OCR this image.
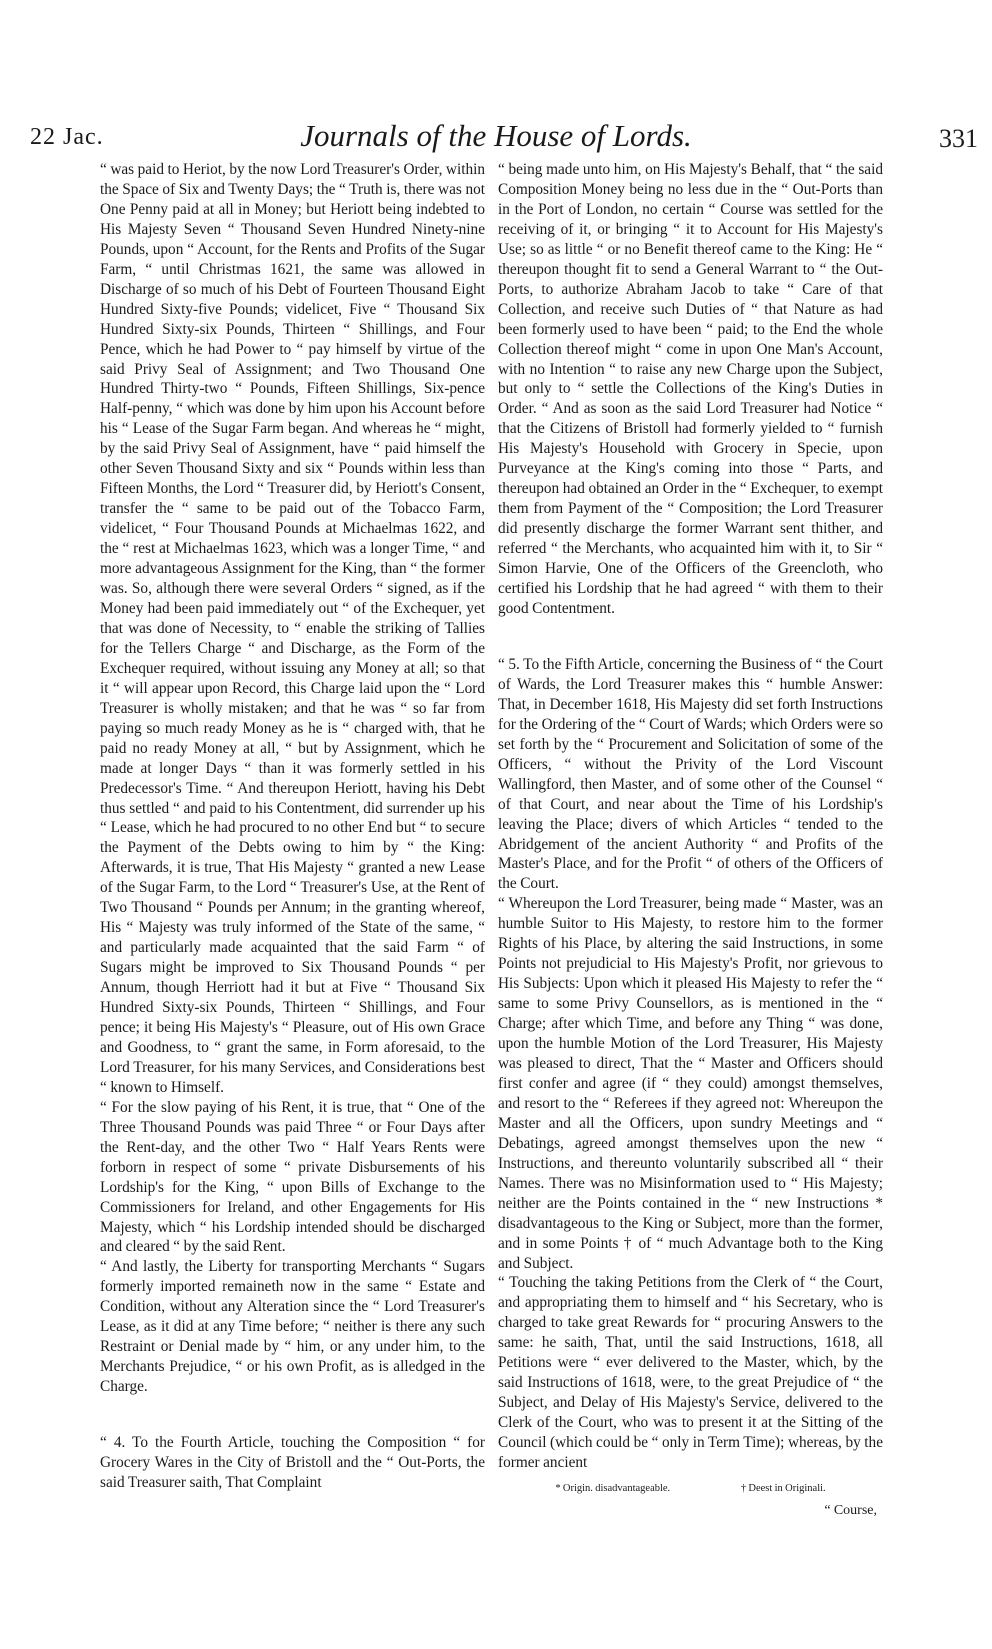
22 Jac.	Journals of the House of Lords.	331

“ was paid to Heriot, by the now Lord Treasurer's Order, within the Space of Six and Twenty Days; the “ Truth is, there was not One Penny paid at all in Money; but Heriott being indebted to His Majesty Seven “ Thousand Seven Hundred Ninety-nine Pounds, upon “ Account, for the Rents and Profits of the Sugar Farm, “ until Christmas 1621, the same was allowed in Discharge of so much of his Debt of Fourteen Thousand Eight Hundred Sixty-five Pounds; videlicet, Five “ Thousand Six Hundred Sixty-six Pounds, Thirteen “ Shillings, and Four Pence, which he had Power to “ pay himself by virtue of the said Privy Seal of Assignment; and Two Thousand One Hundred Thirty-two “ Pounds, Fifteen Shillings, Six-pence Half-penny, “ which was done by him upon his Account before his “ Lease of the Sugar Farm began. And whereas he “ might, by the said Privy Seal of Assignment, have “ paid himself the other Seven Thousand Sixty and six “ Pounds within less than Fifteen Months, the Lord “ Treasurer did, by Heriott's Consent, transfer the “ same to be paid out of the Tobacco Farm, videlicet, “ Four Thousand Pounds at Michaelmas 1622, and the “ rest at Michaelmas 1623, which was a longer Time, “ and more advantageous Assignment for the King, than “ the former was. So, although there were several Orders “ signed, as if the Money had been paid immediately out “ of the Exchequer, yet that was done of Necessity, to “ enable the striking of Tallies for the Tellers Charge “ and Discharge, as the Form of the Exchequer required, without issuing any Money at all; so that it “ will appear upon Record, this Charge laid upon the “ Lord Treasurer is wholly mistaken; and that he was “ so far from paying so much ready Money as he is “ charged with, that he paid no ready Money at all, “ but by Assignment, which he made at longer Days “ than it was formerly settled in his Predecessor's Time. “ And thereupon Heriott, having his Debt thus settled “ and paid to his Contentment, did surrender up his “ Lease, which he had procured to no other End but “ to secure the Payment of the Debts owing to him by “ the King: Afterwards, it is true, That His Majesty “ granted a new Lease of the Sugar Farm, to the Lord “ Treasurer's Use, at the Rent of Two Thousand “ Pounds per Annum; in the granting whereof, His “ Majesty was truly informed of the State of the same, “ and particularly made acquainted that the said Farm “ of Sugars might be improved to Six Thousand Pounds “ per Annum, though Herriott had it but at Five “ Thousand Six Hundred Sixty-six Pounds, Thirteen “ Shillings, and Four pence; it being His Majesty's “ Pleasure, out of His own Grace and Goodness, to “ grant the same, in Form aforesaid, to the Lord Treasurer, for his many Services, and Considerations best “ known to Himself.

“ For the slow paying of his Rent, it is true, that “ One of the Three Thousand Pounds was paid Three “ or Four Days after the Rent-day, and the other Two “ Half Years Rents were forborn in respect of some “ private Disbursements of his Lordship's for the King, “ upon Bills of Exchange to the Commissioners for Ireland, and other Engagements for His Majesty, which “ his Lordship intended should be discharged and cleared “ by the said Rent.

“ And lastly, the Liberty for transporting Merchants “ Sugars formerly imported remaineth now in the same “ Estate and Condition, without any Alteration since the “ Lord Treasurer's Lease, as it did at any Time before; “ neither is there any such Restraint or Denial made by “ him, or any under him, to the Merchants Prejudice, “ or his own Profit, as is alledged in the Charge.

“ 4. To the Fourth Article, touching the Composition “ for Grocery Wares in the City of Bristoll and the “ Out-Ports, the said Treasurer saith, That Complaint

“ being made unto him, on His Majesty's Behalf, that “ the said Composition Money being no less due in the “ Out-Ports than in the Port of London, no certain “ Course was settled for the receiving of it, or bringing “ it to Account for His Majesty's Use; so as little “ or no Benefit thereof came to the King: He “ thereupon thought fit to send a General Warrant to “ the Out-Ports, to authorize Abraham Jacob to take “ Care of that Collection, and receive such Duties of “ that Nature as had been formerly used to have been “ paid; to the End the whole Collection thereof might “ come in upon One Man's Account, with no Intention “ to raise any new Charge upon the Subject, but only to “ settle the Collections of the King's Duties in Order. “ And as soon as the said Lord Treasurer had Notice “ that the Citizens of Bristoll had formerly yielded to “ furnish His Majesty's Household with Grocery in Specie, upon Purveyance at the King's coming into those “ Parts, and thereupon had obtained an Order in the “ Exchequer, to exempt them from Payment of the “ Composition; the Lord Treasurer did presently discharge the former Warrant sent thither, and referred “ the Merchants, who acquainted him with it, to Sir “ Simon Harvie, One of the Officers of the Greencloth, who certified his Lordship that he had agreed “ with them to their good Contentment.

“ 5. To the Fifth Article, concerning the Business of “ the Court of Wards, the Lord Treasurer makes this “ humble Answer: That, in December 1618, His Majesty did set forth Instructions for the Ordering of the “ Court of Wards; which Orders were so set forth by the “ Procurement and Solicitation of some of the Officers, “ without the Privity of the Lord Viscount Wallingford, then Master, and of some other of the Counsel “ of that Court, and near about the Time of his Lordship's leaving the Place; divers of which Articles “ tended to the Abridgement of the ancient Authority “ and Profits of the Master's Place, and for the Profit “ of others of the Officers of the Court.

“ Whereupon the Lord Treasurer, being made “ Master, was an humble Suitor to His Majesty, to restore him to the former Rights of his Place, by altering the said Instructions, in some Points not prejudicial to His Majesty's Profit, nor grievous to His Subjects: Upon which it pleased His Majesty to refer the “ same to some Privy Counsellors, as is mentioned in the “ Charge; after which Time, and before any Thing “ was done, upon the humble Motion of the Lord Treasurer, His Majesty was pleased to direct, That the “ Master and Officers should first confer and agree (if “ they could) amongst themselves, and resort to the “ Referees if they agreed not: Whereupon the Master and all the Officers, upon sundry Meetings and “ Debatings, agreed amongst themselves upon the new “ Instructions, and thereunto voluntarily subscribed all “ their Names. There was no Misinformation used to “ His Majesty; neither are the Points contained in the “ new Instructions * disadvantageous to the King or Subject, more than the former, and in some Points † of “ much Advantage both to the King and Subject.

“ Touching the taking Petitions from the Clerk of “ the Court, and appropriating them to himself and “ his Secretary, who is charged to take great Rewards for “ procuring Answers to the same: he saith, That, until the said Instructions, 1618, all Petitions were “ ever delivered to the Master, which, by the said Instructions of 1618, were, to the great Prejudice of “ the Subject, and Delay of His Majesty's Service, delivered to the Clerk of the Court, who was to present it at the Sitting of the Council (which could be “ only in Term Time); whereas, by the former ancient

* Origin. disadvantageable.	† Deest in Originali.
“ Course,
